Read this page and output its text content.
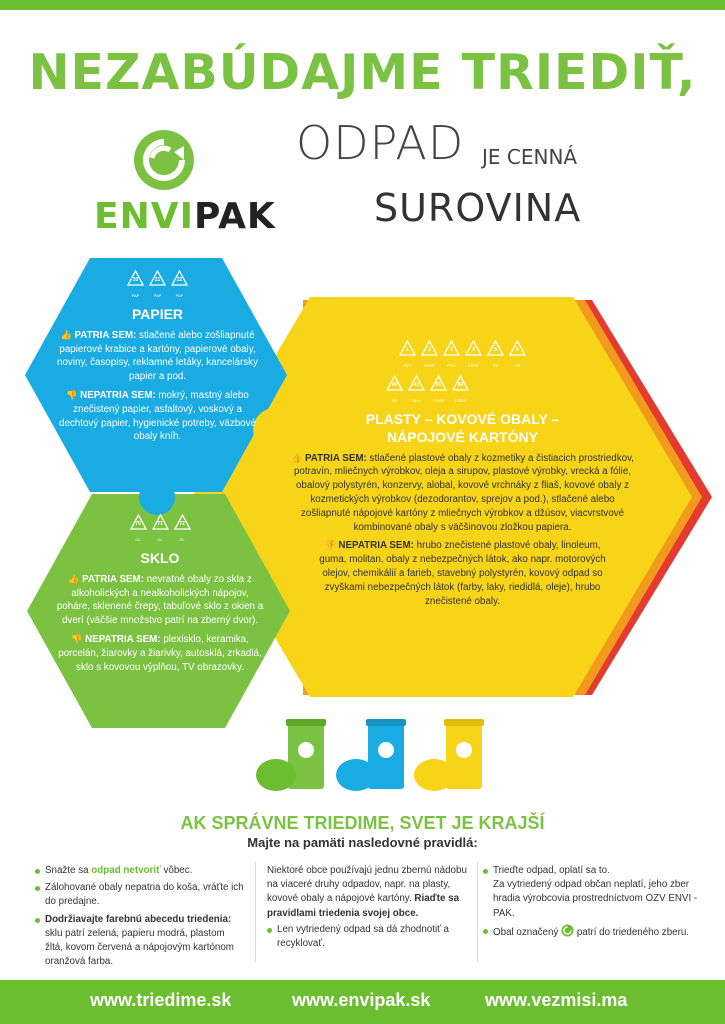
NEZABÚDAJME TRIEDIŤ,
ODPAD JE CENNÁ
SUROVINA
ENVIPAK
20	21	22
PAP	PAP	PAP
PAPIER
👍 PATRIA SEM: stlačené alebo zošliapnuté papierové krabice a kartóny, papierové obaly, noviny, časopisy, reklamné letáky, kancelársky papier a pod.
👎 NEPATRIA SEM: mokrý, mastný alebo znečistený papier, asfaltový, voskový a dechtový papier, hygienické potreby, väzbové obaly kníh.
70	71	72
GL	GL	GL
SKLO
👍 PATRIA SEM: nevratné obaly zo skla z alkoholických a nealkoholických nápojov, poháre, sklenené črepy, tabuľové sklo z okien a dverí (väčšie množstvo patrí na zberný dvor).
👎 NEPATRIA SEM: plexisklo, keramika, porcelán, žiarovky a žiarivky, autosklá, zrkadlá, sklo s kovovou výplňou, TV obrazovky.
1	2	3	4	5	6
PET	HDPE	PVC	LDPE	PP	PS
40	41	81	84
FE	ALU	C/PAP	C/PAP
PLASTY – KOVOVÉ OBALY – NÁPOJOVÉ KARTÓNY
👍 PATRIA SEM: stlačené plastové obaly z kozmetiky a čistiacich prostriedkov, potravín, mliečnych výrobkov, oleja a sirupov, plastové výrobky, vrecká a fólie, obalový polystyrén, konzervy, alobal, kovové vrchnáky z fliaš, kovové obaly z kozmetických výrobkov (dezodorantov, sprejov a pod.), stlačené alebo zošliapnuté nápojové kartóny z mliečnych výrobkov a džúsov, viacvrstvové kombinované obaly s väčšinovou zložkou papiera.
👎 NEPATRIA SEM: hrubo znečistené plastové obaly, linoleum, guma, molitan, obaly z nebezpečných látok, ako napr. motorových olejov, chemikálií a farieb, stavebný polystyrén, kovový odpad so zvyškami nebezpečných látok (farby, laky, riedidlá, oleje), hrubo znečistené obaly.
AK SPRÁVNE TRIEDIME, SVET JE KRAJŠÍ
Majte na pamäti nasledovné pravidlá:
Snažte sa odpad netvoriť vôbec.
Zálohované obaly nepatria do koša, vráťte ich do predajne.
Dodržiavajte farebnú abecedu triedenia: sklu patrí zelená, papieru modrá, plastom žltá, kovom červená a nápojovým kartónom oranžová farba.
Niektoré obce používajú jednu zbernú nádobu na viaceré druhy odpadov, napr. na plasty, kovové obaly a nápojové kartóny. Riaďte sa pravidlami triedenia svojej obce.
Len vytriedený odpad sa dá zhodnotiť a recyklovať.
Trieďte odpad, oplatí sa to.
Za vytriedený odpad občan neplatí, jeho zber hradia výrobcovia prostredníctvom OZV ENVI - PAK.
Obal označený patrí do triedeného zberu.
www.triedime.sk	www.envipak.sk	www.vezmisi.ma
